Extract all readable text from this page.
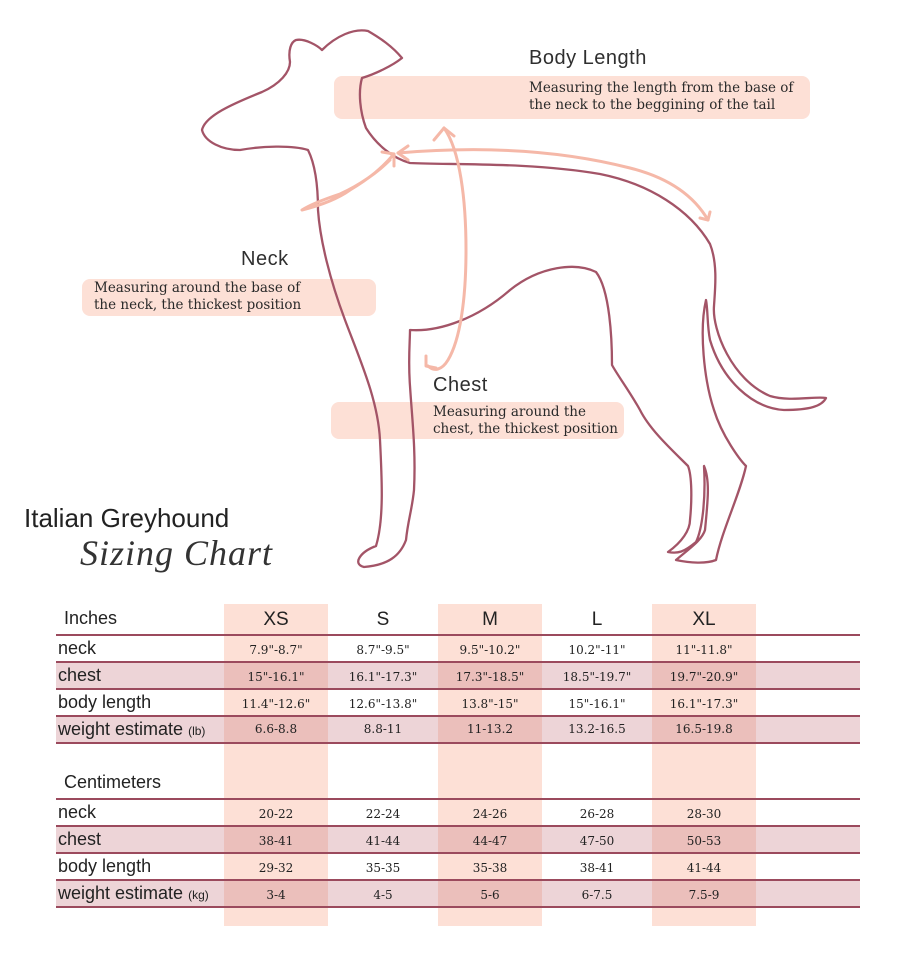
Body Length
Measuring the length from the base of
the neck to the beggining of the tail
Neck
Measuring around the base of
the neck, the thickest position
Chest
Measuring around the
chest, the thickest position
Italian Greyhound
Sizing Chart
Inches	XS	S	M	L	XL
neck	7.9"-8.7"	8.7"-9.5"	9.5"-10.2"	10.2"-11"	11"-11.8"
chest	15"-16.1"	16.1"-17.3"	17.3"-18.5"	18.5"-19.7"	19.7"-20.9"
body length	11.4"-12.6"	12.6"-13.8"	13.8"-15"	15"-16.1"	16.1"-17.3"
weight estimate (lb)	6.6-8.8	8.8-11	11-13.2	13.2-16.5	16.5-19.8
Centimeters
neck	20-22	22-24	24-26	26-28	28-30
chest	38-41	41-44	44-47	47-50	50-53
body length	29-32	35-35	35-38	38-41	41-44
weight estimate (kg)	3-4	4-5	5-6	6-7.5	7.5-9
